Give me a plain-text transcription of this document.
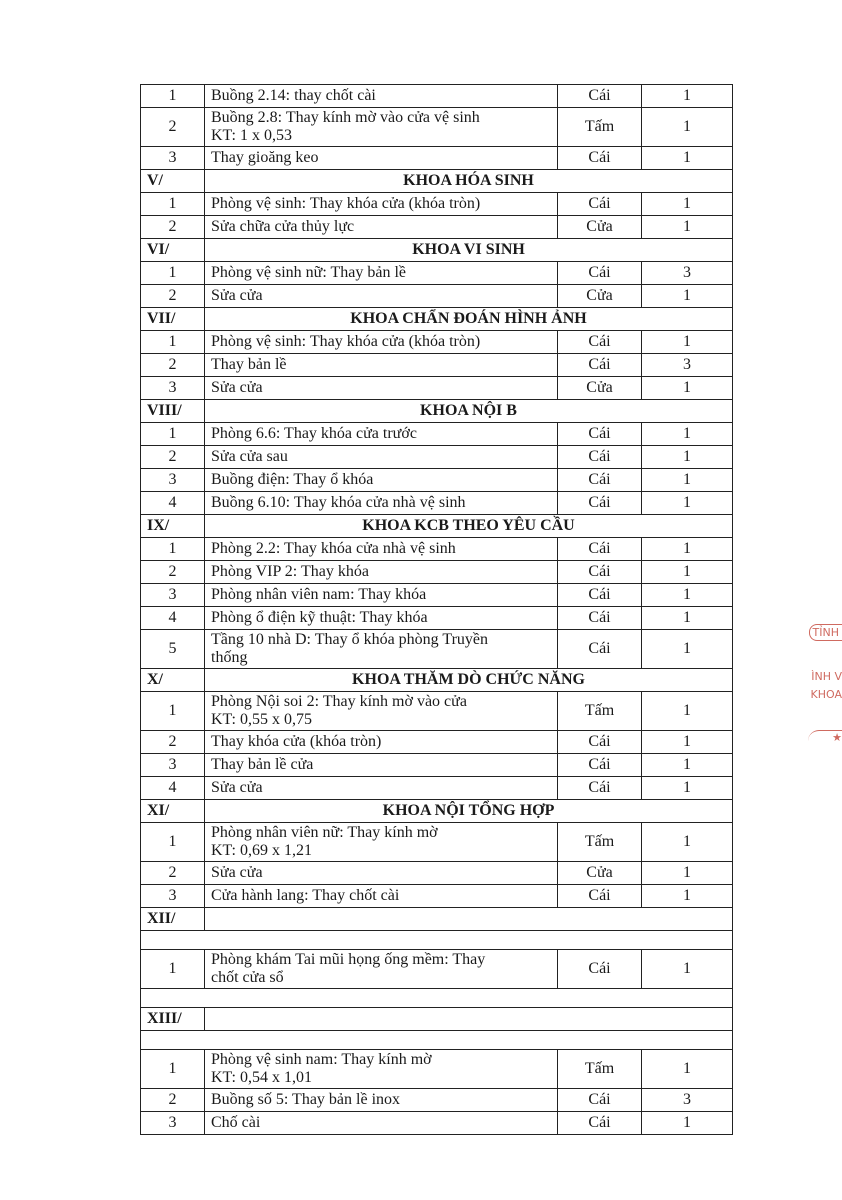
1	Buồng 2.14: thay chốt cài	Cái	1
2	Buồng 2.8: Thay kính mờ vào cửa vệ sinh
KT: 1 x 0,53	Tấm	1
3	Thay gioăng keo	Cái	1
V/	KHOA HÓA SINH		
1	Phòng vệ sinh: Thay khóa cửa (khóa tròn)	Cái	1
2	Sửa chữa cửa thủy lực	Cửa	1
VI/	KHOA VI SINH		
1	Phòng vệ sinh nữ: Thay bản lề	Cái	3
2	Sửa cửa	Cửa	1
VII/	KHOA CHẨN ĐOÁN HÌNH ẢNH		
1	Phòng vệ sinh: Thay khóa cửa (khóa tròn)	Cái	1
2	Thay bản lề	Cái	3
3	Sửa cửa	Cửa	1
VIII/	KHOA NỘI B		
1	Phòng 6.6: Thay khóa cửa trước	Cái	1
2	Sửa cửa sau	Cái	1
3	Buồng điện: Thay ổ khóa	Cái	1
4	Buồng 6.10: Thay khóa cửa nhà vệ sinh	Cái	1
IX/	KHOA KCB THEO YÊU CẦU		
1	Phòng 2.2: Thay khóa cửa nhà vệ sinh	Cái	1
2	Phòng VIP 2: Thay khóa	Cái	1
3	Phòng nhân viên nam: Thay khóa	Cái	1
4	Phòng ổ điện kỹ thuật: Thay khóa	Cái	1
5	Tầng 10 nhà D: Thay ổ khóa phòng Truyền
thống	Cái	1
X/	KHOA THĂM DÒ CHỨC NĂNG		
1	Phòng Nội soi 2: Thay kính mờ vào cửa
KT: 0,55 x 0,75	Tấm	1
2	Thay khóa cửa (khóa tròn)	Cái	1
3	Thay bản lề cửa	Cái	1
4	Sửa cửa	Cái	1
XI/	KHOA NỘI TỔNG HỢP		
1	Phòng nhân viên nữ: Thay kính mờ
KT: 0,69 x 1,21	Tấm	1
2	Sửa cửa	Cửa	1
3	Cửa hành lang: Thay chốt cài	Cái	1
XII/			

1	Phòng khám Tai mũi họng ống mềm: Thay
chốt cửa sổ	Cái	1

XIII/			

1	Phòng vệ sinh nam: Thay kính mờ
KT: 0,54 x 1,01	Tấm	1
2	Buồng số 5: Thay bản lề inox	Cái	3
3	Chố cài	Cái	1
TỈNH
ÌNH V
KHOA
★
